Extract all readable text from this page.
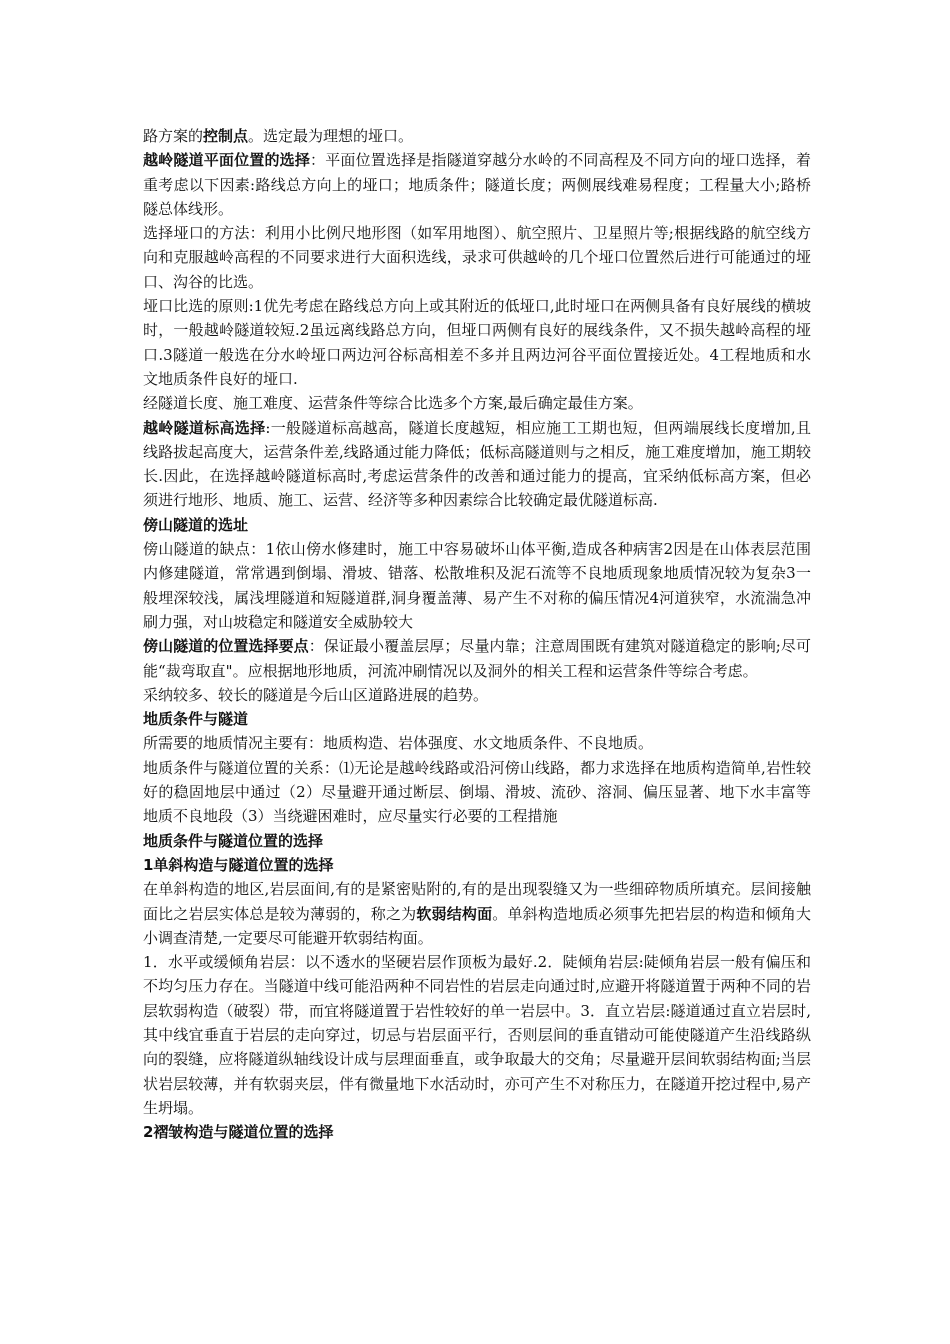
路方案的控制点。选定最为理想的垭口。

越岭隧道平面位置的选择：平面位置选择是指隧道穿越分水岭的不同高程及不同方向的垭口选择，着重考虑以下因素:路线总方向上的垭口；地质条件；隧道长度；两侧展线难易程度；工程量大小;路桥隧总体线形。

选择垭口的方法：利用小比例尺地形图（如军用地图）、航空照片、卫星照片等;根据线路的航空线方向和克服越岭高程的不同要求进行大面积选线，录求可供越岭的几个垭口位置然后进行可能通过的垭口、沟谷的比选。

垭口比选的原则:1优先考虑在路线总方向上或其附近的低垭口,此时垭口在两侧具备有良好展线的横坡时，一般越岭隧道较短.2虽远离线路总方向，但垭口两侧有良好的展线条件，又不损失越岭高程的垭口.3隧道一般选在分水岭垭口两边河谷标高相差不多并且两边河谷平面位置接近处。4工程地质和水文地质条件良好的垭口.

经隧道长度、施工难度、运营条件等综合比选多个方案,最后确定最佳方案。

越岭隧道标高选择:一般隧道标高越高，隧道长度越短，相应施工工期也短，但两端展线长度增加,且线路拔起高度大，运营条件差,线路通过能力降低；低标高隧道则与之相反，施工难度增加，施工期较长.因此，在选择越岭隧道标高时,考虑运营条件的改善和通过能力的提高，宜采纳低标高方案，但必须进行地形、地质、施工、运营、经济等多种因素综合比较确定最优隧道标高.

傍山隧道的选址

傍山隧道的缺点：1依山傍水修建时，施工中容易破坏山体平衡,造成各种病害2因是在山体表层范围内修建隧道，常常遇到倒塌、滑坡、错落、松散堆积及泥石流等不良地质现象地质情况较为复杂3一般埋深较浅，属浅埋隧道和短隧道群,洞身覆盖薄、易产生不对称的偏压情况4河道狭窄，水流湍急冲刷力强，对山坡稳定和隧道安全威胁较大

傍山隧道的位置选择要点：保证最小覆盖层厚；尽量内靠；注意周围既有建筑对隧道稳定的影响;尽可能“裁弯取直"。应根据地形地质，河流冲刷情况以及洞外的相关工程和运营条件等综合考虑。

采纳较多、较长的隧道是今后山区道路进展的趋势。

地质条件与隧道

所需要的地质情况主要有：地质构造、岩体强度、水文地质条件、不良地质。

地质条件与隧道位置的关系：⑴无论是越岭线路或沿河傍山线路，都力求选择在地质构造简单,岩性较好的稳固地层中通过（2）尽量避开通过断层、倒塌、滑坡、流砂、溶洞、偏压显著、地下水丰富等地质不良地段（3）当绕避困难时，应尽量实行必要的工程措施

地质条件与隧道位置的选择

1单斜构造与隧道位置的选择

在单斜构造的地区,岩层面间,有的是紧密贴附的,有的是出现裂缝又为一些细碎物质所填充。层间接触面比之岩层实体总是较为薄弱的，称之为软弱结构面。单斜构造地质必须事先把岩层的构造和倾角大小调查清楚,一定要尽可能避开软弱结构面。

1．水平或缓倾角岩层：以不透水的坚硬岩层作顶板为最好.2．陡倾角岩层:陡倾角岩层一般有偏压和不均匀压力存在。当隧道中线可能沿两种不同岩性的岩层走向通过时,应避开将隧道置于两种不同的岩层软弱构造（破裂）带，而宜将隧道置于岩性较好的单一岩层中。3．直立岩层:隧道通过直立岩层时,其中线宜垂直于岩层的走向穿过，切忌与岩层面平行，否则层间的垂直错动可能使隧道产生沿线路纵向的裂缝，应将隧道纵轴线设计成与层理面垂直，或争取最大的交角；尽量避开层间软弱结构面;当层状岩层较薄，并有软弱夹层，伴有微量地下水活动时，亦可产生不对称压力，在隧道开挖过程中,易产生坍塌。

2褶皱构造与隧道位置的选择
